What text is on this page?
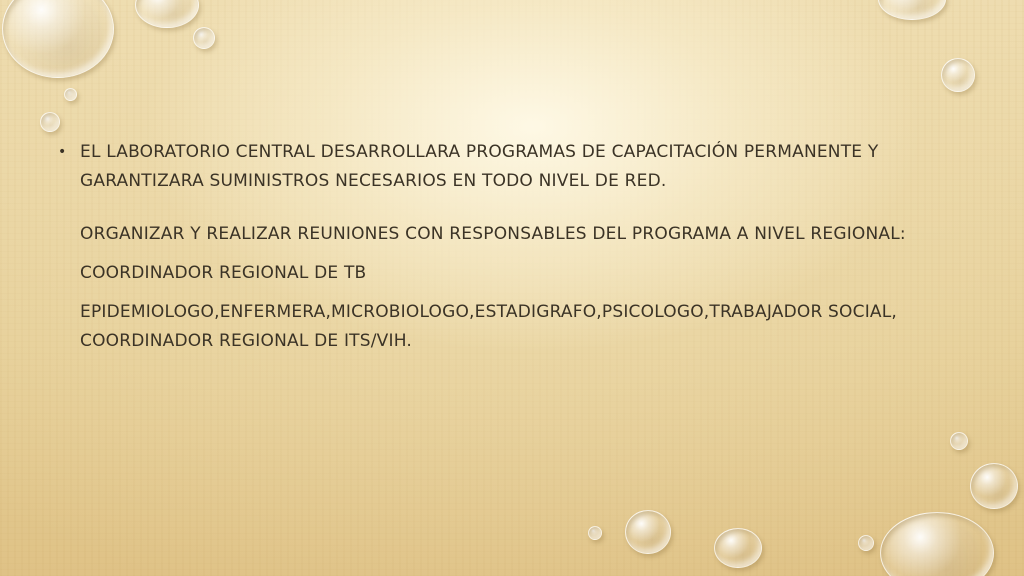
• EL LABORATORIO CENTRAL DESARROLLARA PROGRAMAS DE CAPACITACIÓN PERMANENTE Y GARANTIZARA SUMINISTROS NECESARIOS EN TODO NIVEL DE RED.
ORGANIZAR Y REALIZAR REUNIONES CON RESPONSABLES DEL PROGRAMA A NIVEL REGIONAL:
COORDINADOR REGIONAL DE TB
EPIDEMIOLOGO,ENFERMERA,MICROBIOLOGO,ESTADIGRAFO,PSICOLOGO,TRABAJADOR SOCIAL, COORDINADOR REGIONAL DE ITS/VIH.
